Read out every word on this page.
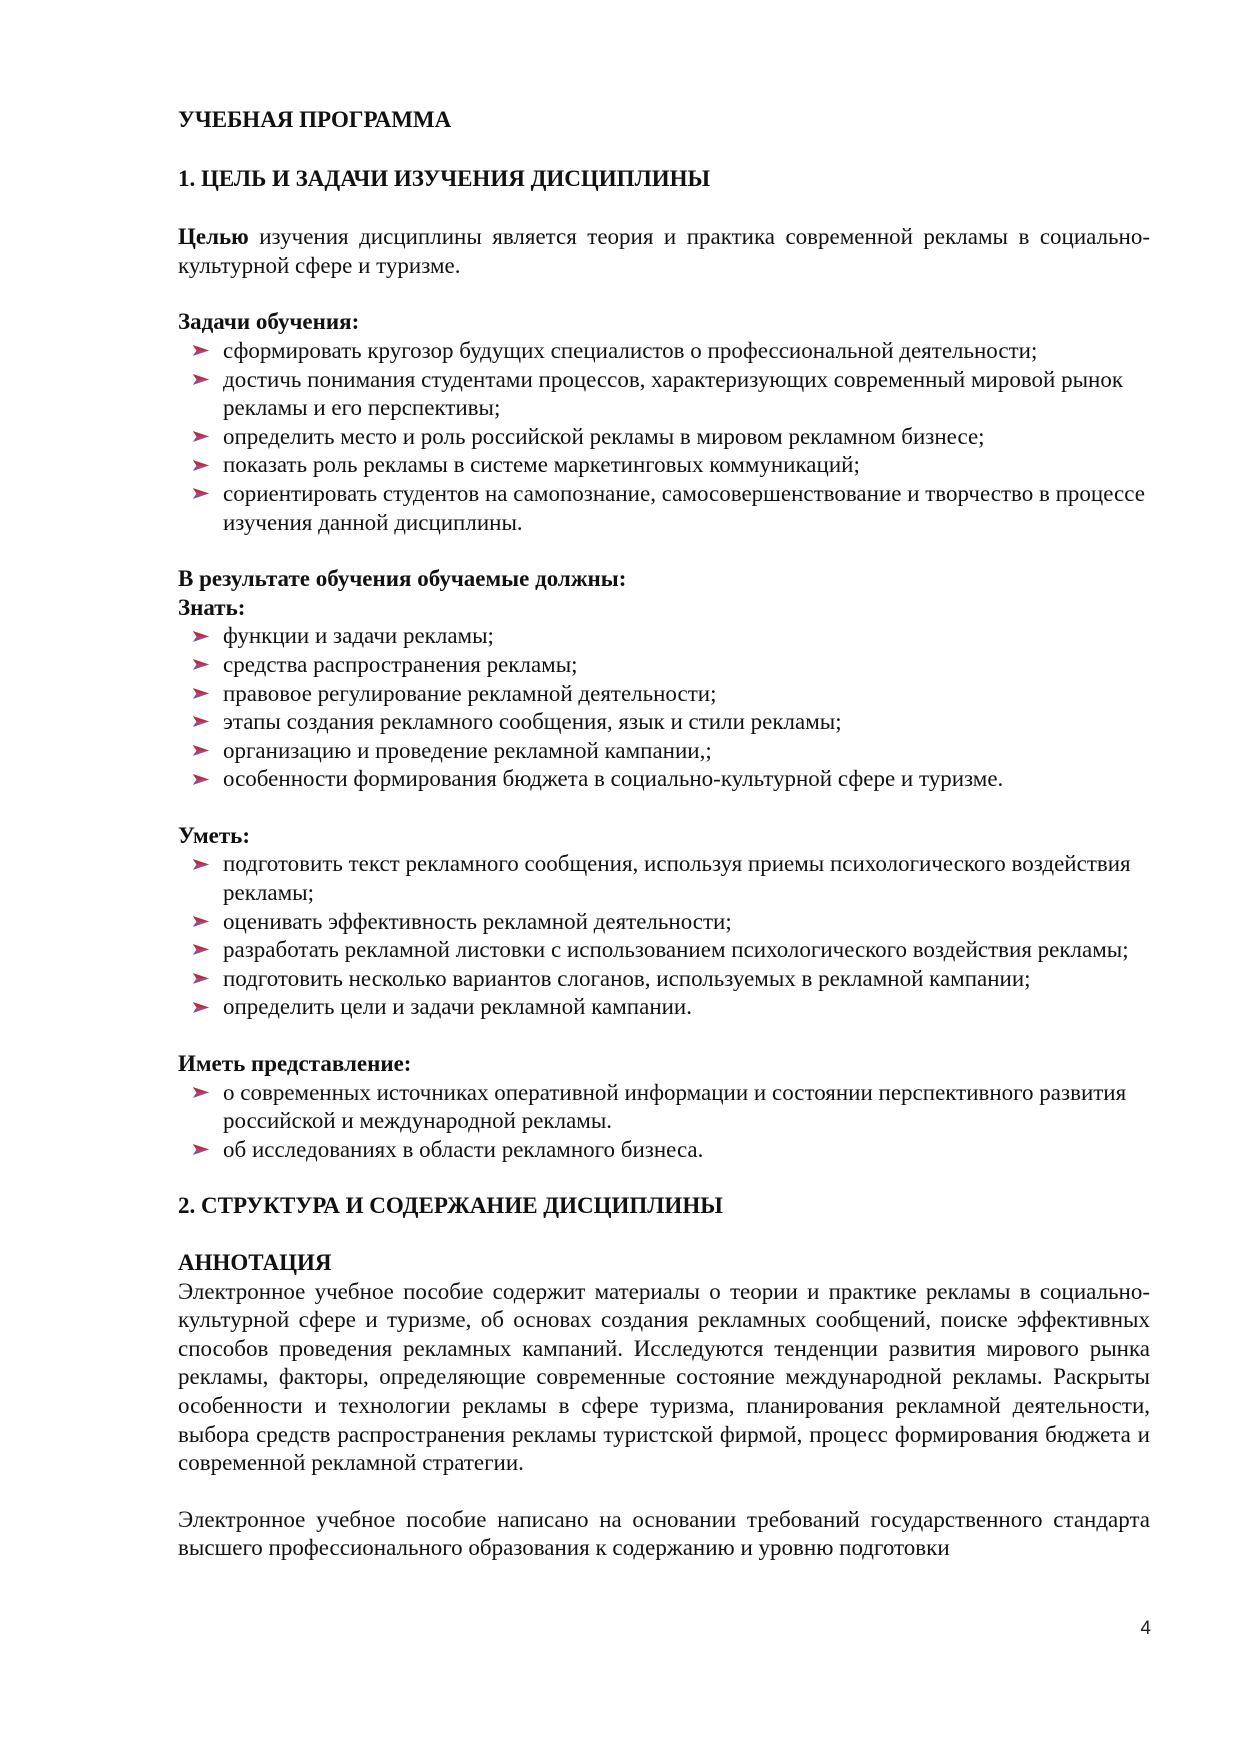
УЧЕБНАЯ ПРОГРАММА

1. ЦЕЛЬ И ЗАДАЧИ ИЗУЧЕНИЯ ДИСЦИПЛИНЫ

Целью изучения дисциплины является теория и практика современной рекламы в социально-культурной сфере и туризме.

Задачи обучения:

сформировать кругозор будущих специалистов о профессиональной деятельности;

достичь понимания студентами процессов, характеризующих современный мировой рынок рекламы и его перспективы;

определить место и роль российской рекламы в мировом рекламном бизнесе;

показать роль рекламы в системе маркетинговых коммуникаций;

сориентировать студентов на самопознание, самосовершенствование и творчество в процессе изучения данной дисциплины.

В результате обучения обучаемые должны:

Знать:

функции и задачи рекламы;

средства распространения рекламы;

правовое регулирование рекламной деятельности;

этапы создания рекламного сообщения, язык и стили рекламы;

организацию и проведение рекламной кампании,;

особенности формирования бюджета в социально-культурной сфере и туризме.

Уметь:

подготовить текст рекламного сообщения, используя приемы психологического воздействия рекламы;

оценивать эффективность рекламной деятельности;

разработать рекламной листовки с использованием психологического воздействия рекламы;

подготовить несколько вариантов слоганов, используемых в рекламной кампании;

определить цели и задачи рекламной кампании.

Иметь представление:

о современных источниках оперативной информации и состоянии перспективного развития российской и международной рекламы.

об исследованиях в области рекламного бизнеса.

2. СТРУКТУРА И СОДЕРЖАНИЕ ДИСЦИПЛИНЫ

АННОТАЦИЯ

Электронное учебное пособие содержит материалы о теории и практике рекламы в социально-культурной сфере и туризме, об основах создания рекламных сообщений, поиске эффективных способов проведения рекламных кампаний. Исследуются тенденции развития мирового рынка рекламы, факторы, определяющие современные состояние международной рекламы. Раскрыты особенности и технологии рекламы в сфере туризма, планирования рекламной деятельности, выбора средств распространения рекламы туристской фирмой, процесс формирования бюджета и современной рекламной стратегии.

Электронное учебное пособие написано на основании требований государственного стандарта высшего профессионального образования к содержанию и уровню подготовки

4
